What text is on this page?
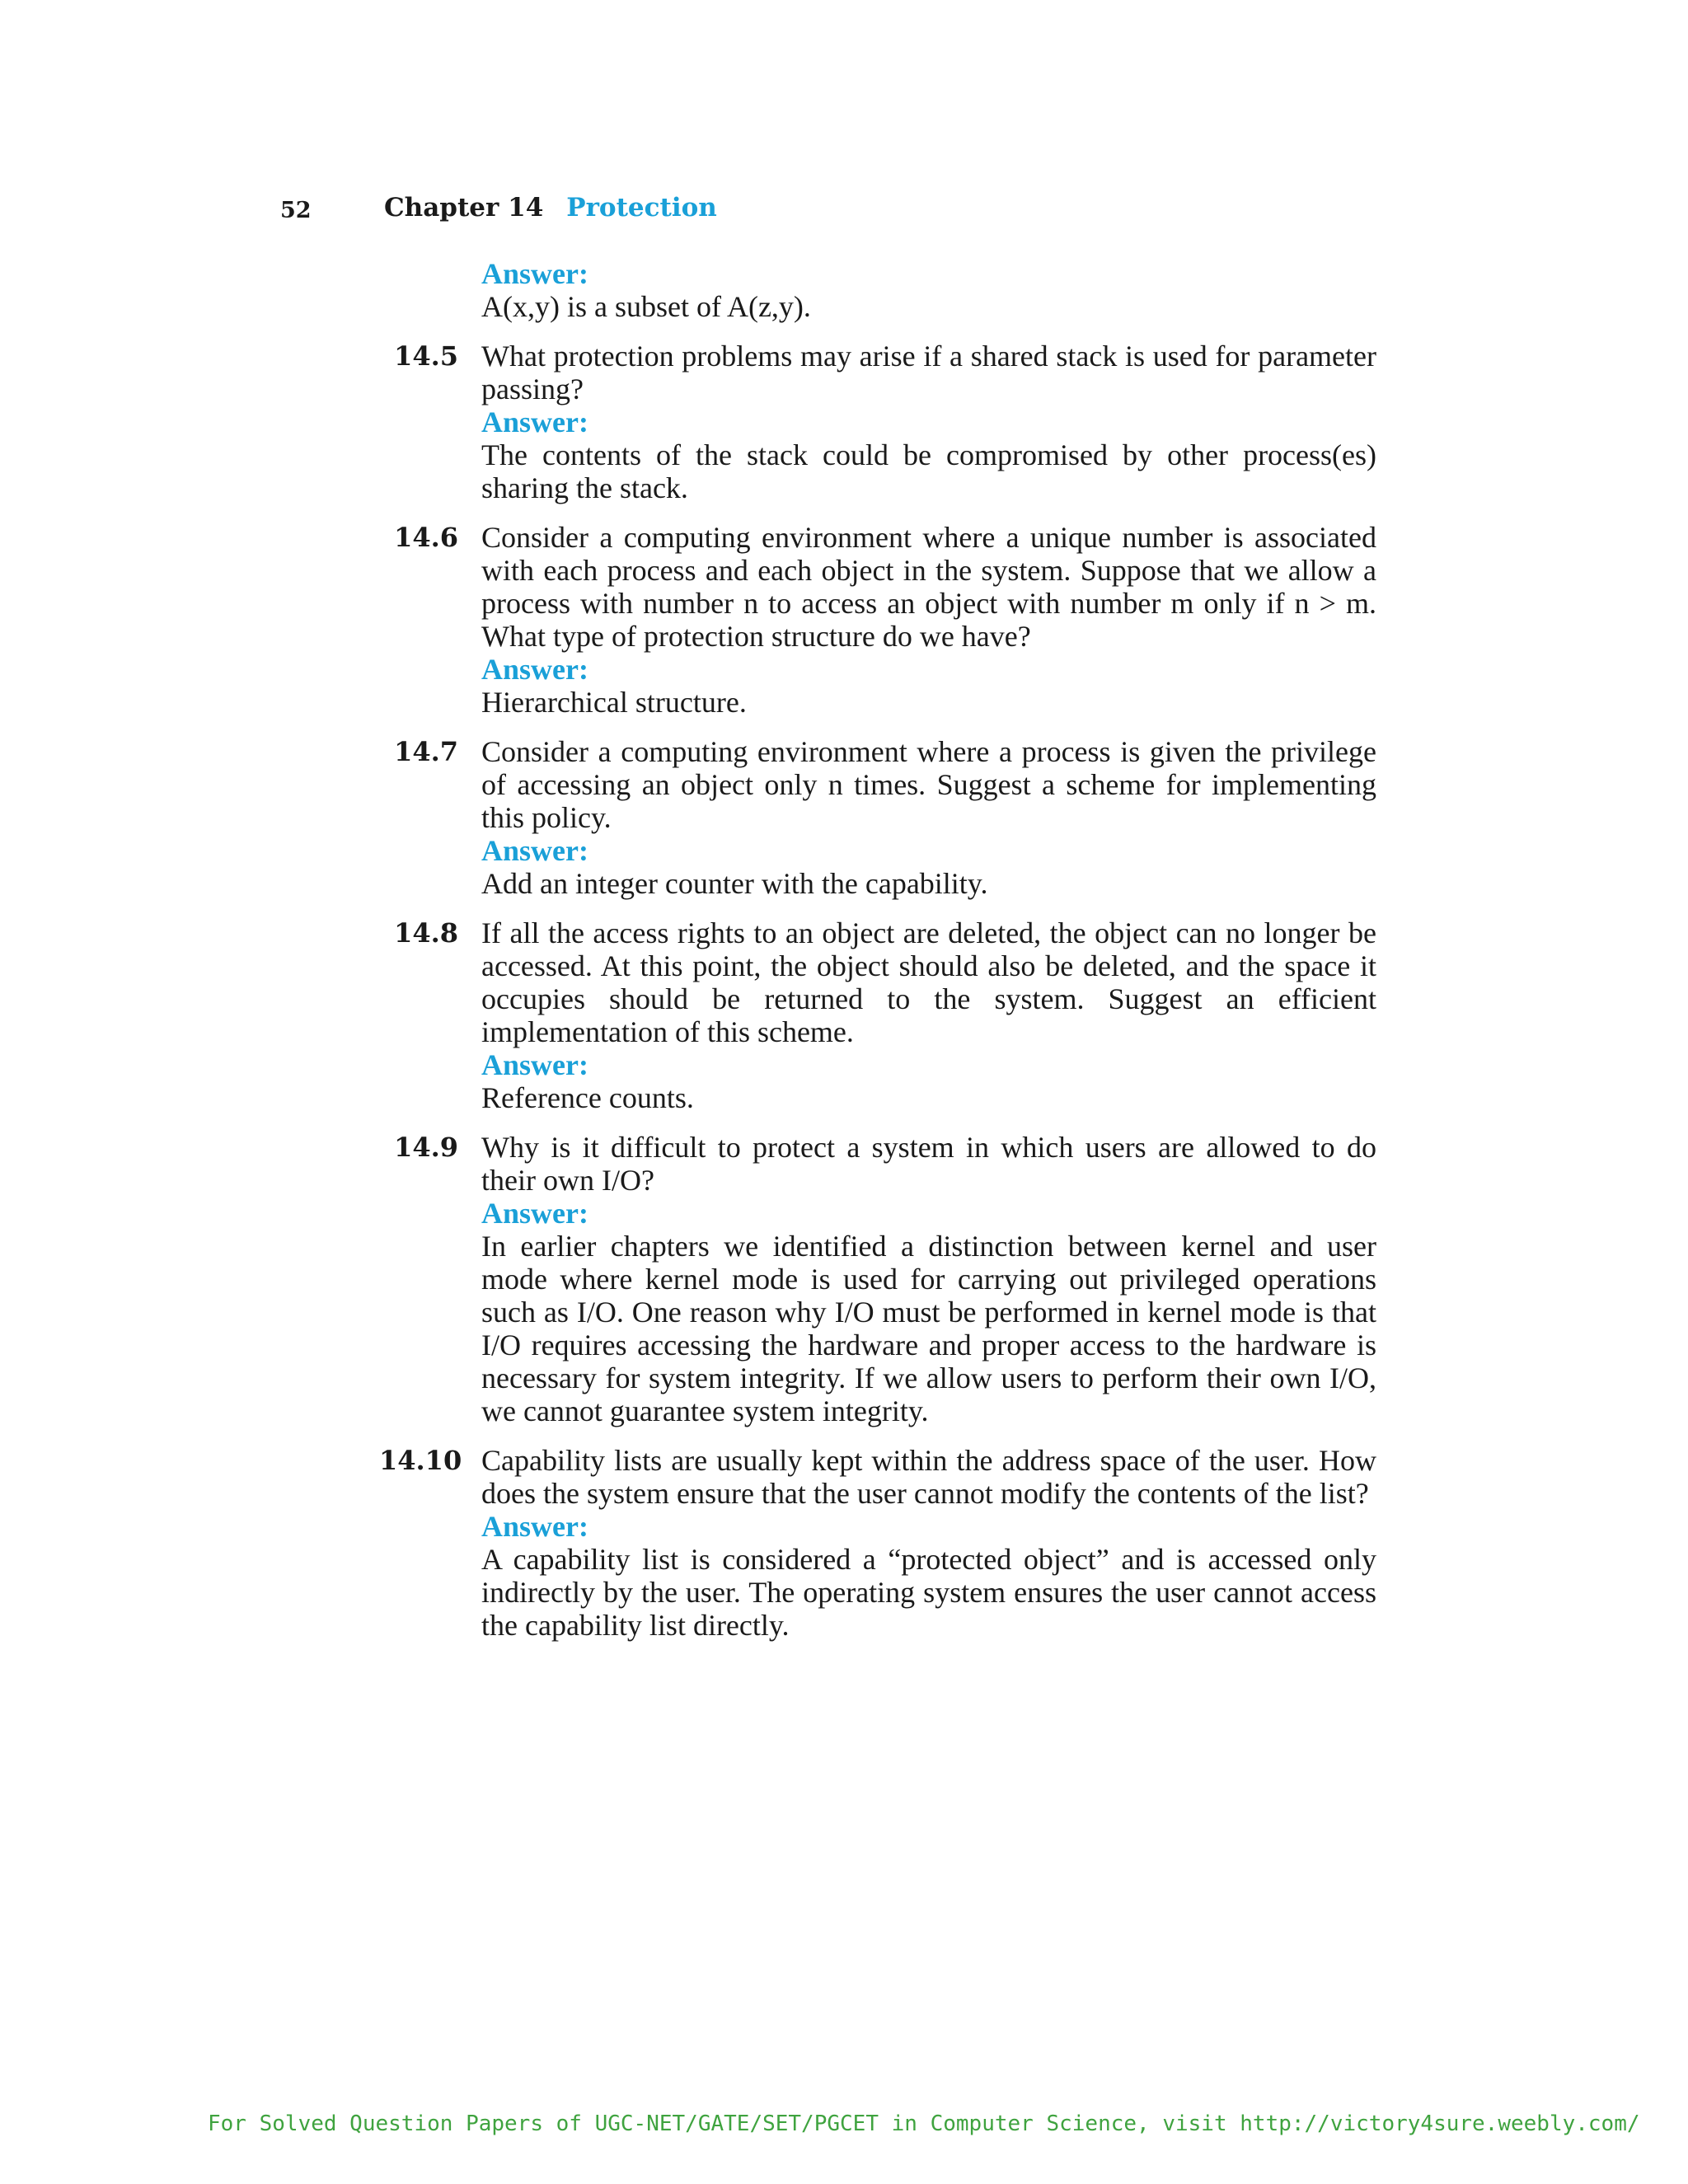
52	Chapter 14 Protection
Answer:

A(x,y) is a subset of A(z,y).

14.5 What protection problems may arise if a shared stack is used for parameter passing?

Answer:

The contents of the stack could be compromised by other process(es) sharing the stack.

14.6 Consider a computing environment where a unique number is associated with each process and each object in the system. Suppose that we allow a process with number n to access an object with number m only if n > m. What type of protection structure do we have?

Answer:

Hierarchical structure.

14.7 Consider a computing environment where a process is given the privilege of accessing an object only n times. Suggest a scheme for implementing this policy.

Answer:

Add an integer counter with the capability.

14.8 If all the access rights to an object are deleted, the object can no longer be accessed. At this point, the object should also be deleted, and the space it occupies should be returned to the system. Suggest an efficient implementation of this scheme.

Answer:

Reference counts.

14.9 Why is it difficult to protect a system in which users are allowed to do their own I/O?

Answer:

In earlier chapters we identified a distinction between kernel and user mode where kernel mode is used for carrying out privileged operations such as I/O. One reason why I/O must be performed in kernel mode is that I/O requires accessing the hardware and proper access to the hardware is necessary for system integrity. If we allow users to perform their own I/O, we cannot guarantee system integrity.

14.10 Capability lists are usually kept within the address space of the user. How does the system ensure that the user cannot modify the contents of the list?

Answer:

A capability list is considered a “protected object” and is accessed only indirectly by the user. The operating system ensures the user cannot access the capability list directly.

For Solved Question Papers of UGC-NET/GATE/SET/PGCET in Computer Science, visit http://victory4sure.weebly.com/
